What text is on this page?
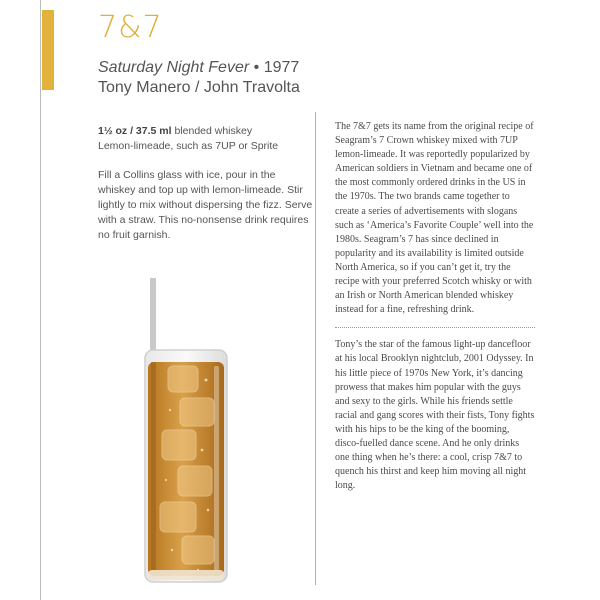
7&7
Saturday Night Fever • 1977
Tony Manero / John Travolta
1½ oz / 37.5 ml blended whiskey
Lemon-limeade, such as 7UP or Sprite
Fill a Collins glass with ice, pour in the whiskey and top up with lemon-limeade. Stir lightly to mix without dispersing the fizz. Serve with a straw. This no-nonsense drink requires no fruit garnish.

The 7&7 gets its name from the original recipe of Seagram’s 7 Crown whiskey mixed with 7UP lemon-limeade. It was reportedly popularized by American soldiers in Vietnam and became one of the most commonly ordered drinks in the US in the 1970s. The two brands came together to create a series of advertisements with slogans such as ‘America’s Favorite Couple’ well into the 1980s. Seagram’s 7 has since declined in popularity and its availability is limited outside North America, so if you can’t get it, try the recipe with your preferred Scotch whisky or with an Irish or North American blended whiskey instead for a fine, refreshing drink.

Tony’s the star of the famous light-up dancefloor at his local Brooklyn nightclub, 2001 Odyssey. In his little piece of 1970s New York, it’s dancing prowess that makes him popular with the guys and sexy to the girls. While his friends settle racial and gang scores with their fists, Tony fights with his hips to be the king of the booming, disco-fuelled dance scene. And he only drinks one thing when he’s there: a cool, crisp 7&7 to quench his thirst and keep him moving all night long.
